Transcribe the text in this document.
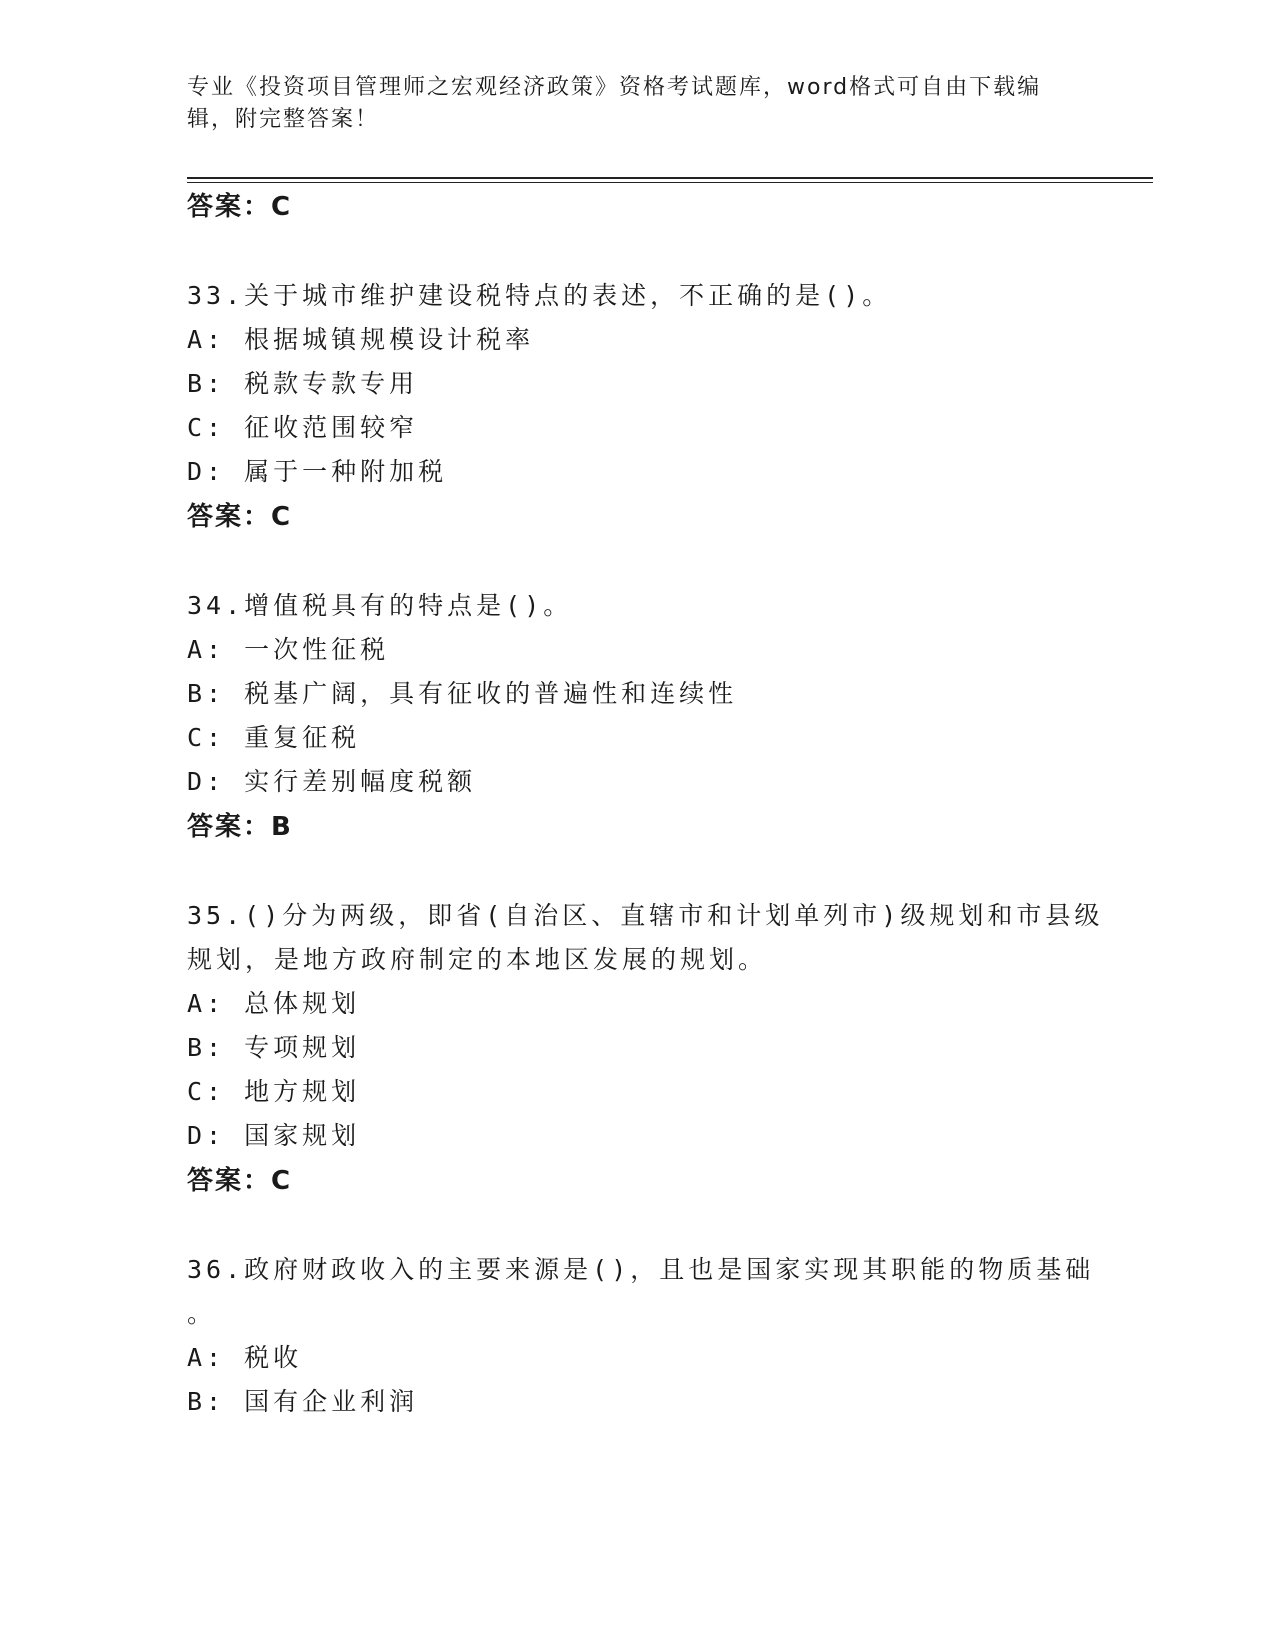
专业《投资项目管理师之宏观经济政策》资格考试题库，word格式可自由下载编
辑，附完整答案！
答案：C
33.关于城市维护建设税特点的表述，不正确的是()。
A: 根据城镇规模设计税率
B: 税款专款专用
C: 征收范围较窄
D: 属于一种附加税
答案：C
34.增值税具有的特点是()。
A: 一次性征税
B: 税基广阔，具有征收的普遍性和连续性
C: 重复征税
D: 实行差别幅度税额
答案：B
35.()分为两级，即省(自治区、直辖市和计划单列市)级规划和市县级
规划，是地方政府制定的本地区发展的规划。
A: 总体规划
B: 专项规划
C: 地方规划
D: 国家规划
答案：C
36.政府财政收入的主要来源是()，且也是国家实现其职能的物质基础
。
A: 税收
B: 国有企业利润
